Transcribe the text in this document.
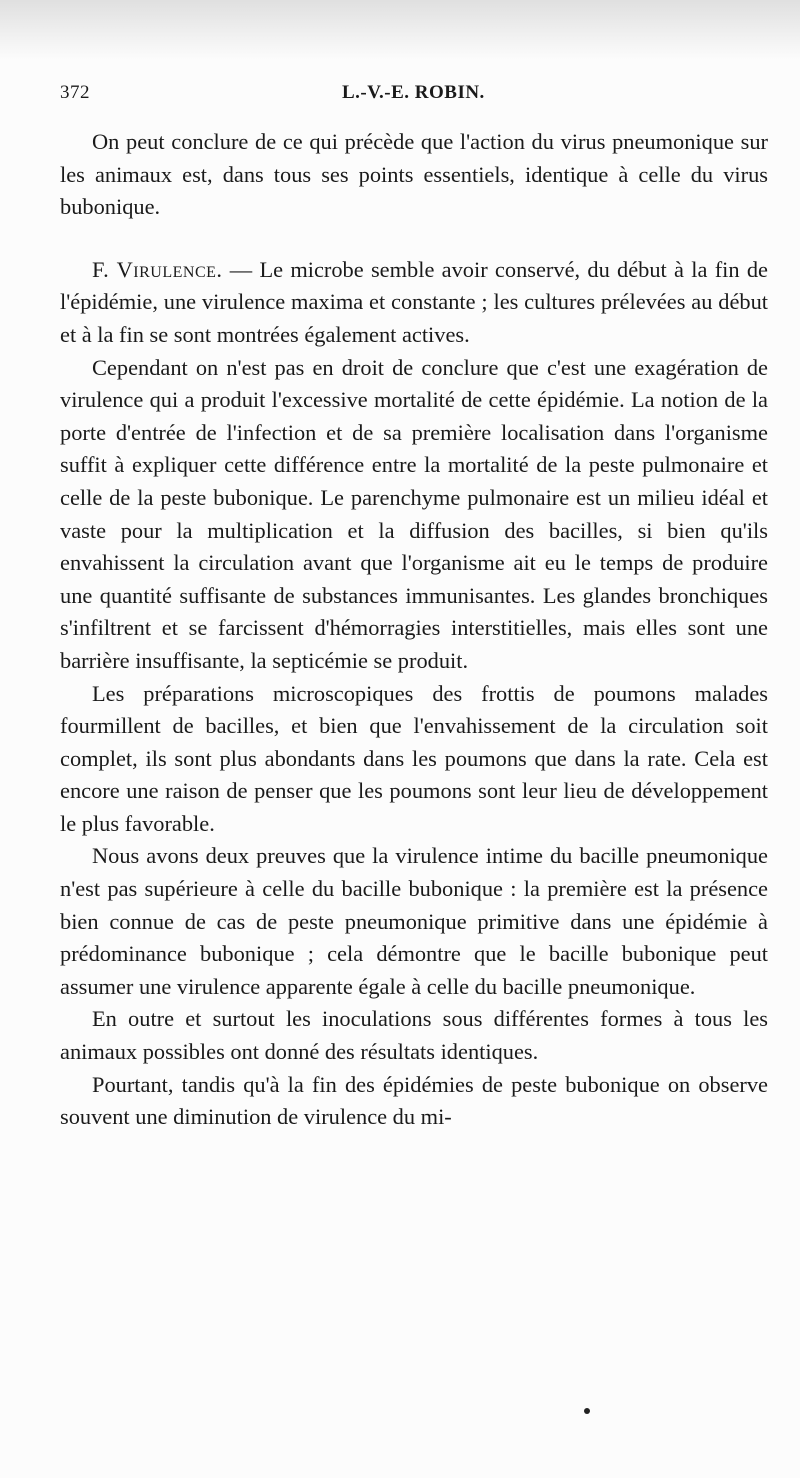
372	L.-V.-E. ROBIN.

On peut conclure de ce qui précède que l'action du virus pneumonique sur les animaux est, dans tous ses points essentiels, identique à celle du virus bubonique.

F. Virulence. — Le microbe semble avoir conservé, du début à la fin de l'épidémie, une virulence maxima et constante ; les cultures prélevées au début et à la fin se sont montrées également actives.

Cependant on n'est pas en droit de conclure que c'est une exagération de virulence qui a produit l'excessive mortalité de cette épidémie. La notion de la porte d'entrée de l'infection et de sa première localisation dans l'organisme suffit à expliquer cette différence entre la mortalité de la peste pulmonaire et celle de la peste bubonique. Le parenchyme pulmonaire est un milieu idéal et vaste pour la multiplication et la diffusion des bacilles, si bien qu'ils envahissent la circulation avant que l'organisme ait eu le temps de produire une quantité suffisante de substances immunisantes. Les glandes bronchiques s'infiltrent et se farcissent d'hémorragies interstitielles, mais elles sont une barrière insuffisante, la septicémie se produit.

Les préparations microscopiques des frottis de poumons malades fourmillent de bacilles, et bien que l'envahissement de la circulation soit complet, ils sont plus abondants dans les poumons que dans la rate. Cela est encore une raison de penser que les poumons sont leur lieu de développement le plus favorable.

Nous avons deux preuves que la virulence intime du bacille pneumonique n'est pas supérieure à celle du bacille bubonique : la première est la présence bien connue de cas de peste pneumonique primitive dans une épidémie à prédominance bubonique ; cela démontre que le bacille bubonique peut assumer une virulence apparente égale à celle du bacille pneumonique.

En outre et surtout les inoculations sous différentes formes à tous les animaux possibles ont donné des résultats identiques.

Pourtant, tandis qu'à la fin des épidémies de peste bubonique on observe souvent une diminution de virulence du mi-
